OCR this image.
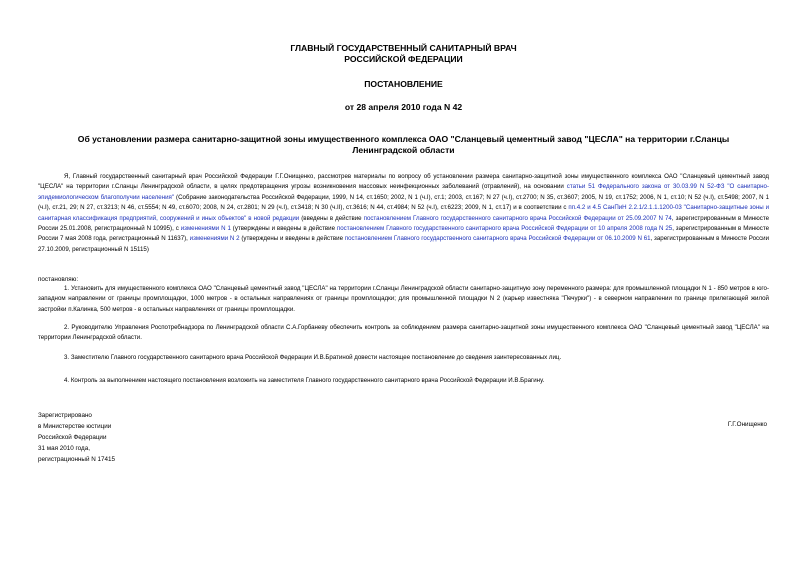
ГЛАВНЫЙ ГОСУДАРСТВЕННЫЙ САНИТАРНЫЙ ВРАЧ
РОССИЙСКОЙ ФЕДЕРАЦИИ
ПОСТАНОВЛЕНИЕ
от 28 апреля 2010 года N 42
Об установлении размера санитарно-защитной зоны имущественного комплекса ОАО "Сланцевый цементный завод "ЦЕСЛА" на территории г.Сланцы
Ленинградской области
Я, Главный государственный санитарный врач Российской Федерации Г.Г.Онищенко, рассмотрев материалы по вопросу об установлении размера санитарно-защитной зоны имущественного комплекса ОАО "Сланцевый цементный завод "ЦЕСЛА" на территории г.Сланцы Ленинградской области, в целях предотвращения угрозы возникновения массовых неинфекционных заболеваний (отравлений), на основании статьи 51 Федерального закона от 30.03.99 N 52-ФЗ "О санитарно-эпидемиологическом благополучии населения" (Собрание законодательства Российской Федерации, 1999, N 14, ст.1650; 2002, N 1 (ч.I), ст.1; 2003, ст.167; N 27 (ч.I), ст.2700; N 35, ст.3607; 2005, N 19, ст.1752; 2006, N 1, ст.10; N 52 (ч.I), ст.5498; 2007, N 1 (ч.I), ст.21, 29; N 27, ст.3213; N 46, ст.5554; N 49, ст.6070; 2008, N 24, ст.2801; N 29 (ч.I), ст.3418; N 30 (ч.II), ст.3616; N 44, ст.4984; N 52 (ч.I), ст.6223; 2009, N 1, ст.17) и в соответствии с пп.4.2 и 4.5 СанПиН 2.2.1/2.1.1.1200-03 "Санитарно-защитные зоны и санитарная классификация предприятий, сооружений и иных объектов" в новой редакции (введены в действие постановлением Главного государственного санитарного врача Российской Федерации от 25.09.2007 N 74, зарегистрированным в Минюсте России 25.01.2008, регистрационный N 10995), с изменениями N 1 (утверждены и введены в действие постановлением Главного государственного санитарного врача Российской Федерации от 10 апреля 2008 года N 25, зарегистрированным в Минюсте России 7 мая 2008 года, регистрационный N 11637), изменениями N 2 (утверждены и введены в действие постановлением Главного государственного санитарного врача Российской Федерации от 06.10.2009 N 61, зарегистрированным в Минюсте России 27.10.2009, регистрационный N 15115)
постановляю:
1. Установить для имущественного комплекса ОАО "Сланцевый цементный завод "ЦЕСЛА" на территории г.Сланцы Ленинградской области санитарно-защитную зону переменного размера: для промышленной площадки N 1 - 850 метров в юго-западном направлении от границы промплощадки, 1000 метров - в остальных направлениях от границы промплощадки; для промышленной площадки N 2 (карьер известняка "Печурки") - в северном направлении по границе прилегающей жилой застройки п.Калинка, 500 метров - в остальных направлениях от границы промплощадки.
2. Руководителю Управления Роспотребнадзора по Ленинградской области С.А.Горбаневу обеспечить контроль за соблюдением размера санитарно-защитной зоны имущественного комплекса ОАО "Сланцевый цементный завод "ЦЕСЛА" на территории Ленинградской области.
3. Заместителю Главного государственного санитарного врача Российской Федерации И.В.Братиной довести настоящее постановление до сведения заинтересованных лиц.
4. Контроль за выполнением настоящего постановления возложить на заместителя Главного государственного санитарного врача Российской Федерации И.В.Брагину.
Г.Г.Онищенко
Зарегистрировано
в Министерстве юстиции
Российской Федерации
31 мая 2010 года,
регистрационный N 17415
